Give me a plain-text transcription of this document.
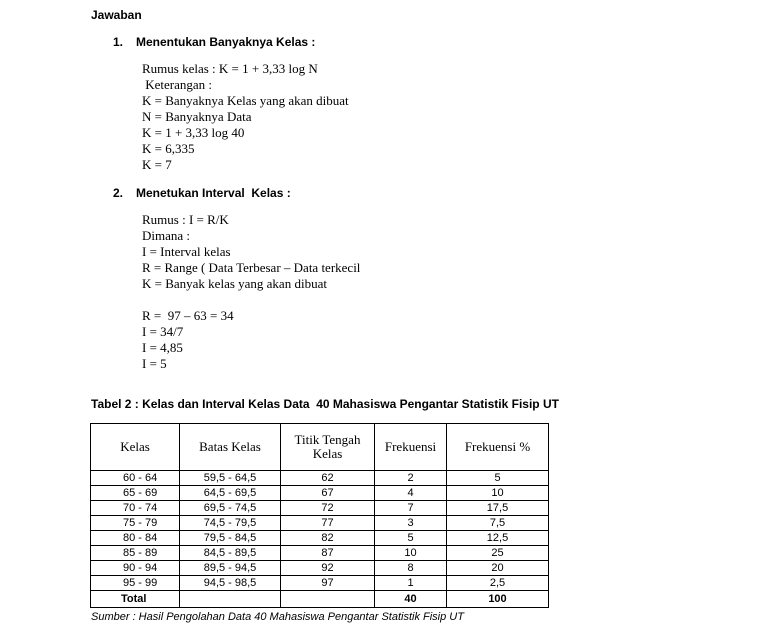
Jawaban
1. Menentukan Banyaknya Kelas :
Rumus kelas : K = 1 + 3,33 log N
Keterangan :
K = Banyaknya Kelas yang akan dibuat
N = Banyaknya Data
K = 1 + 3,33 log 40
K = 6,335
K = 7
2. Menetukan Interval  Kelas :
Rumus : I = R/K
Dimana :
I = Interval kelas
R = Range ( Data Terbesar – Data terkecil
K = Banyak kelas yang akan dibuat
R =  97 – 63 = 34
I = 34/7
I = 4,85
I = 5
Tabel 2 : Kelas dan Interval Kelas Data  40 Mahasiswa Pengantar Statistik Fisip UT
Kelas	Batas Kelas	Titik Tengah Kelas	Frekuensi	Frekuensi %
60 - 64	59,5 - 64,5	62	2	5
65 - 69	64,5 - 69,5	67	4	10
70 - 74	69,5 - 74,5	72	7	17,5
75 - 79	74,5 - 79,5	77	3	7,5
80 - 84	79,5 - 84,5	82	5	12,5
85 - 89	84,5 - 89,5	87	10	25
90 - 94	89,5 - 94,5	92	8	20
95 - 99	94,5 - 98,5	97	1	2,5
Total			40	100
Sumber : Hasil Pengolahan Data 40 Mahasiswa Pengantar Statistik Fisip UT
